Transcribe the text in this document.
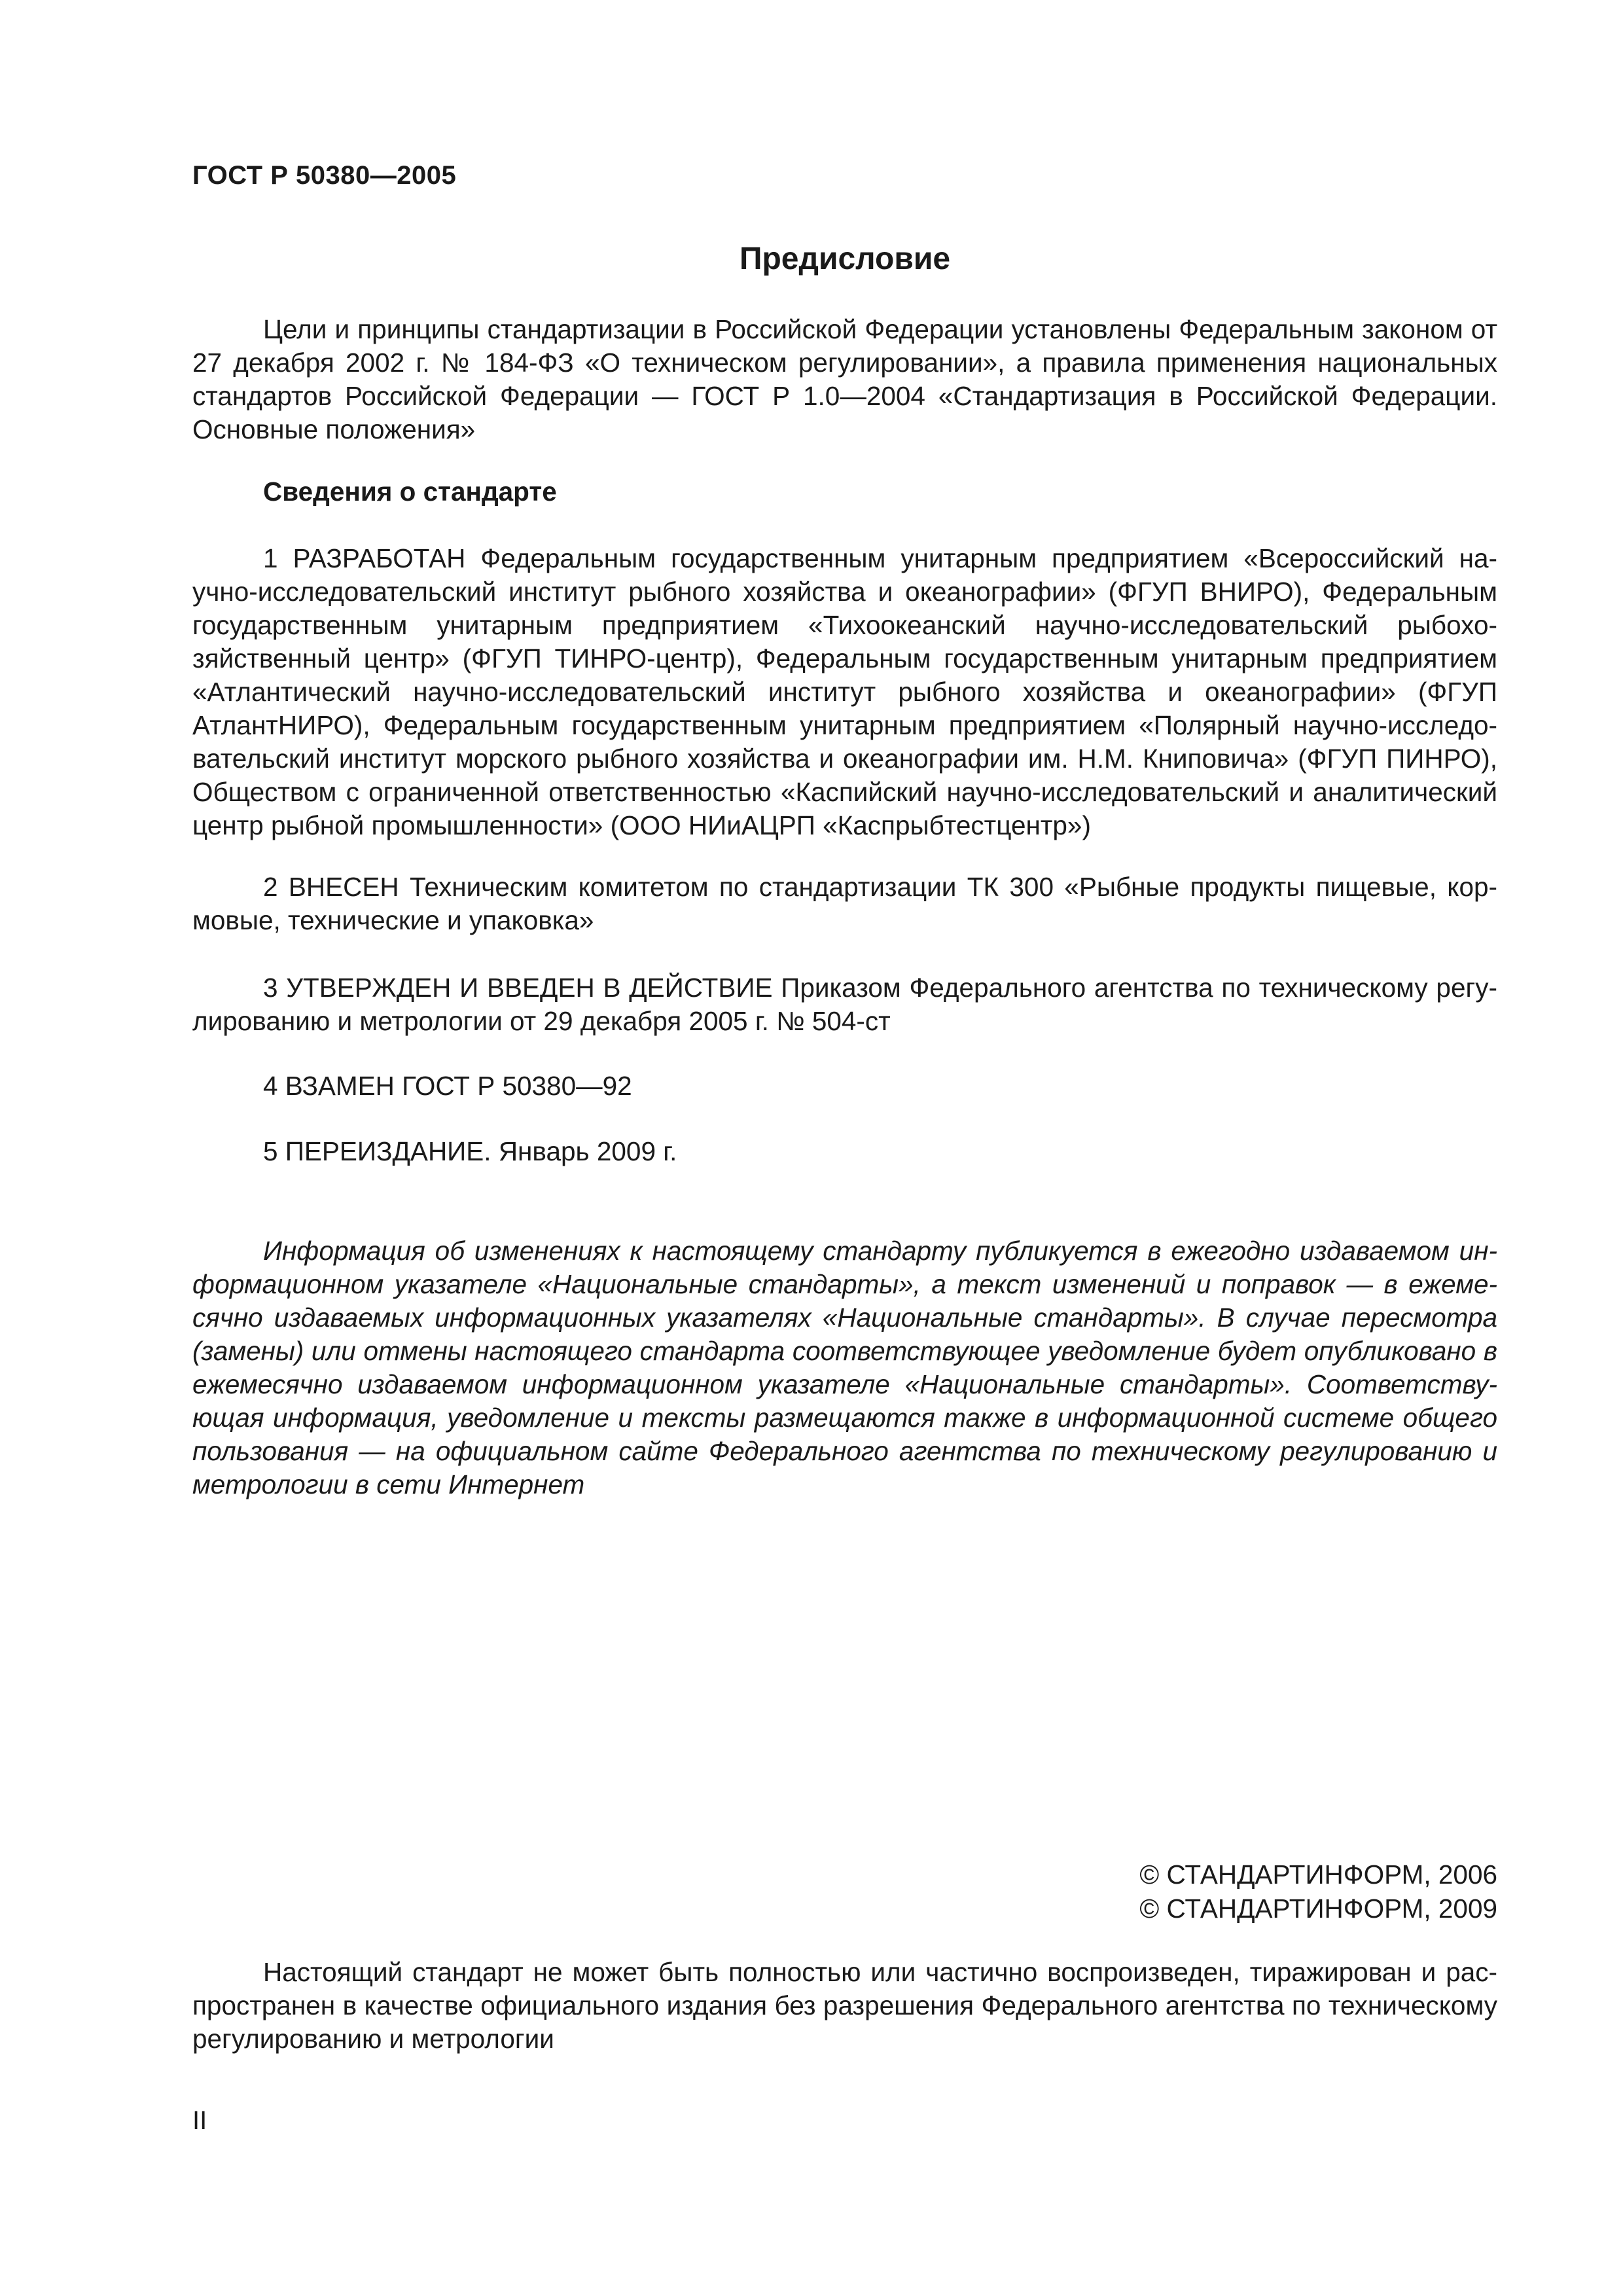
ГОСТ Р 50380—2005
Предисловие

Цели и принципы стандартизации в Российской Федерации установлены Федеральным законом от 27 декабря 2002 г. № 184-ФЗ «О техническом регулировании», а правила применения национальных стандартов Российской Федерации — ГОСТ Р 1.0—2004 «Стандартизация в Российской Федерации. Основные положения»

Сведения о стандарте

1 РАЗРАБОТАН Федеральным государственным унитарным предприятием «Всероссийский научно-исследовательский институт рыбного хозяйства и океанографии» (ФГУП ВНИРО), Федеральным государственным унитарным предприятием «Тихоокеанский научно-исследовательский рыбохозяйственный центр» (ФГУП ТИНРО-центр), Федеральным государственным унитарным предприятием «Атлантический научно-исследовательский институт рыбного хозяйства и океанографии» (ФГУП АтлантНИРО), Федеральным государственным унитарным предприятием «Полярный научно-исследовательский институт морского рыбного хозяйства и океанографии им. Н.М. Книповича» (ФГУП ПИНРО), Обществом с ограниченной ответственностью «Каспийский научно-исследовательский и аналитический центр рыбной промышленности» (ООО НИиАЦРП «Каспрыбтестцентр»)

2 ВНЕСЕН Техническим комитетом по стандартизации ТК 300 «Рыбные продукты пищевые, кормовые, технические и упаковка»

3 УТВЕРЖДЕН И ВВЕДЕН В ДЕЙСТВИЕ Приказом Федерального агентства по техническому регулированию и метрологии от 29 декабря 2005 г. № 504-ст

4 ВЗАМЕН ГОСТ Р 50380—92

5 ПЕРЕИЗДАНИЕ. Январь 2009 г.

Информация об изменениях к настоящему стандарту публикуется в ежегодно издаваемом информационном указателе «Национальные стандарты», а текст изменений и поправок — в ежемесячно издаваемых информационных указателях «Национальные стандарты». В случае пересмотра (замены) или отмены настоящего стандарта соответствующее уведомление будет опубликовано в ежемесячно издаваемом информационном указателе «Национальные стандарты». Соответствующая информация, уведомление и тексты размещаются также в информационной системе общего пользования — на официальном сайте Федерального агентства по техническому регулированию и метрологии в сети Интернет

© СТАНДАРТИНФОРМ, 2006
© СТАНДАРТИНФОРМ, 2009

Настоящий стандарт не может быть полностью или частично воспроизведен, тиражирован и распространен в качестве официального издания без разрешения Федерального агентства по техническому регулированию и метрологии

II
